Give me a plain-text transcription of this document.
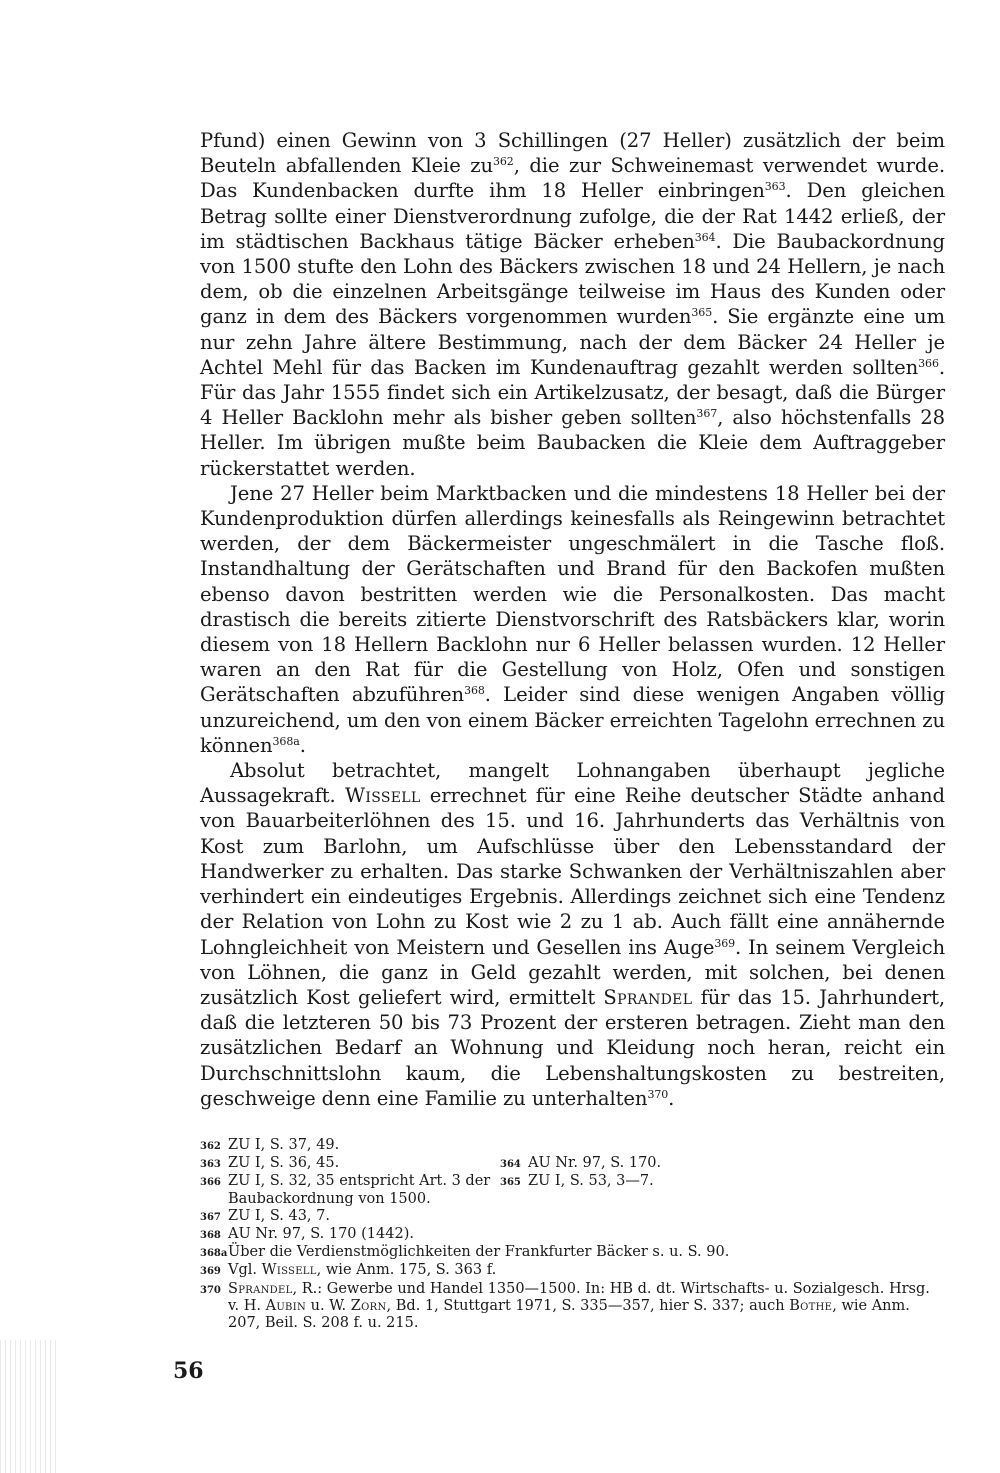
Pfund) einen Gewinn von 3 Schillingen (27 Heller) zusätzlich der beim Beuteln abfallenden Kleie zu$^{362}$, die zur Schweinemast verwendet wurde. Das Kundenbacken durfte ihm 18 Heller einbringen$^{363}$. Den gleichen Betrag sollte einer Dienstverordnung zufolge, die der Rat 1442 erließ, der im städtischen Backhaus tätige Bäcker erheben$^{364}$. Die Baubackordnung von 1500 stufte den Lohn des Bäckers zwischen 18 und 24 Hellern, je nach dem, ob die einzelnen Arbeitsgänge teilweise im Haus des Kunden oder ganz in dem des Bäckers vorgenommen wurden$^{365}$. Sie ergänzte eine um nur zehn Jahre ältere Bestimmung, nach der dem Bäcker 24 Heller je Achtel Mehl für das Backen im Kundenauftrag gezahlt werden sollten$^{366}$. Für das Jahr 1555 findet sich ein Artikelzusatz, der besagt, daß die Bürger 4 Heller Backlohn mehr als bisher geben sollten$^{367}$, also höchstenfalls 28 Heller. Im übrigen mußte beim Baubacken die Kleie dem Auftraggeber rückerstattet werden.

Jene 27 Heller beim Marktbacken und die mindestens 18 Heller bei der Kundenproduktion dürfen allerdings keinesfalls als Reingewinn betrachtet werden, der dem Bäckermeister ungeschmälert in die Tasche floß. Instandhaltung der Gerätschaften und Brand für den Backofen mußten ebenso davon bestritten werden wie die Personalkosten. Das macht drastisch die bereits zitierte Dienstvorschrift des Ratsbäckers klar, worin diesem von 18 Hellern Backlohn nur 6 Heller belassen wurden. 12 Heller waren an den Rat für die Gestellung von Holz, Ofen und sonstigen Gerätschaften abzuführen$^{368}$. Leider sind diese wenigen Angaben völlig unzureichend, um den von einem Bäcker erreichten Tagelohn errechnen zu können$^{368a}$.

Absolut betrachtet, mangelt Lohnangaben überhaupt jegliche Aussagekraft. Wissell errechnet für eine Reihe deutscher Städte anhand von Bauarbeiterlöhnen des 15. und 16. Jahrhunderts das Verhältnis von Kost zum Barlohn, um Aufschlüsse über den Lebensstandard der Handwerker zu erhalten. Das starke Schwanken der Verhältniszahlen aber verhindert ein eindeutiges Ergebnis. Allerdings zeichnet sich eine Tendenz der Relation von Lohn zu Kost wie 2 zu 1 ab. Auch fällt eine annähernde Lohngleichheit von Meistern und Gesellen ins Auge$^{369}$. In seinem Vergleich von Löhnen, die ganz in Geld gezahlt werden, mit solchen, bei denen zusätzlich Kost geliefert wird, ermittelt Sprandel für das 15. Jahrhundert, daß die letzteren 50 bis 73 Prozent der ersteren betragen. Zieht man den zusätzlichen Bedarf an Wohnung und Kleidung noch heran, reicht ein Durchschnittslohn kaum, die Lebenshaltungskosten zu bestreiten, geschweige denn eine Familie zu unterhalten$^{370}$.

362 ZU I, S. 37, 49.
363 ZU I, S. 36, 45.	364 AU Nr. 97, S. 170.
366 ZU I, S. 32, 35 entspricht Art. 3 der Baubackordnung von 1500.
365 ZU I, S. 53, 3—7.
367 ZU I, S. 43, 7.
368 AU Nr. 97, S. 170 (1442).
368a Über die Verdienstmöglichkeiten der Frankfurter Bäcker s. u. S. 90.
369 Vgl. Wissell, wie Anm. 175, S. 363 f.
370 Sprandel, R.: Gewerbe und Handel 1350—1500. In: HB d. dt. Wirtschafts- u. Sozialgesch. Hrsg. v. H. Aubin u. W. Zorn, Bd. 1, Stuttgart 1971, S. 335—357, hier S. 337; auch Bothe, wie Anm. 207, Beil. S. 208 f. u. 215.
56
